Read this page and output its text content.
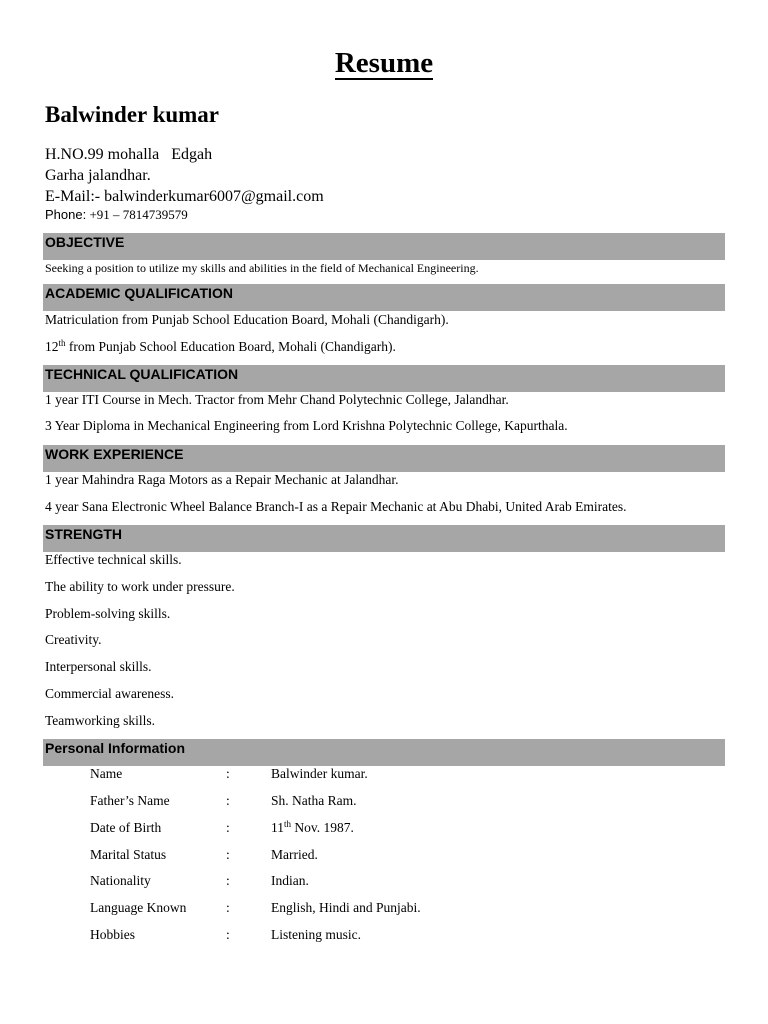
Resume
Balwinder kumar
H.NO.99 mohalla   Edgah
Garha jalandhar.
E-Mail:- balwinderkumar6007@gmail.com
Phone: +91 – 7814739579
OBJECTIVE
Seeking a position to utilize my skills and abilities in the field of Mechanical Engineering.
ACADEMIC QUALIFICATION
Matriculation from Punjab School Education Board, Mohali (Chandigarh).
12th from Punjab School Education Board, Mohali (Chandigarh).
TECHNICAL QUALIFICATION
1 year ITI Course in Mech. Tractor from Mehr Chand Polytechnic College, Jalandhar.
3 Year Diploma in Mechanical Engineering from Lord Krishna Polytechnic College, Kapurthala.
WORK EXPERIENCE
1 year Mahindra Raga Motors as a Repair Mechanic at Jalandhar.
4 year Sana Electronic Wheel Balance Branch-I as a Repair Mechanic at Abu Dhabi, United Arab Emirates.
STRENGTH
Effective technical skills.
The ability to work under pressure.
Problem-solving skills.
Creativity.
Interpersonal skills.
Commercial awareness.
Teamworking skills.
Personal Information
Name	:	Balwinder kumar.
Father’s Name	:	Sh. Natha Ram.
Date of Birth	:	11th Nov. 1987.
Marital Status	:	Married.
Nationality	:	Indian.
Language Known	:	English, Hindi and Punjabi.
Hobbies	:	Listening music.
